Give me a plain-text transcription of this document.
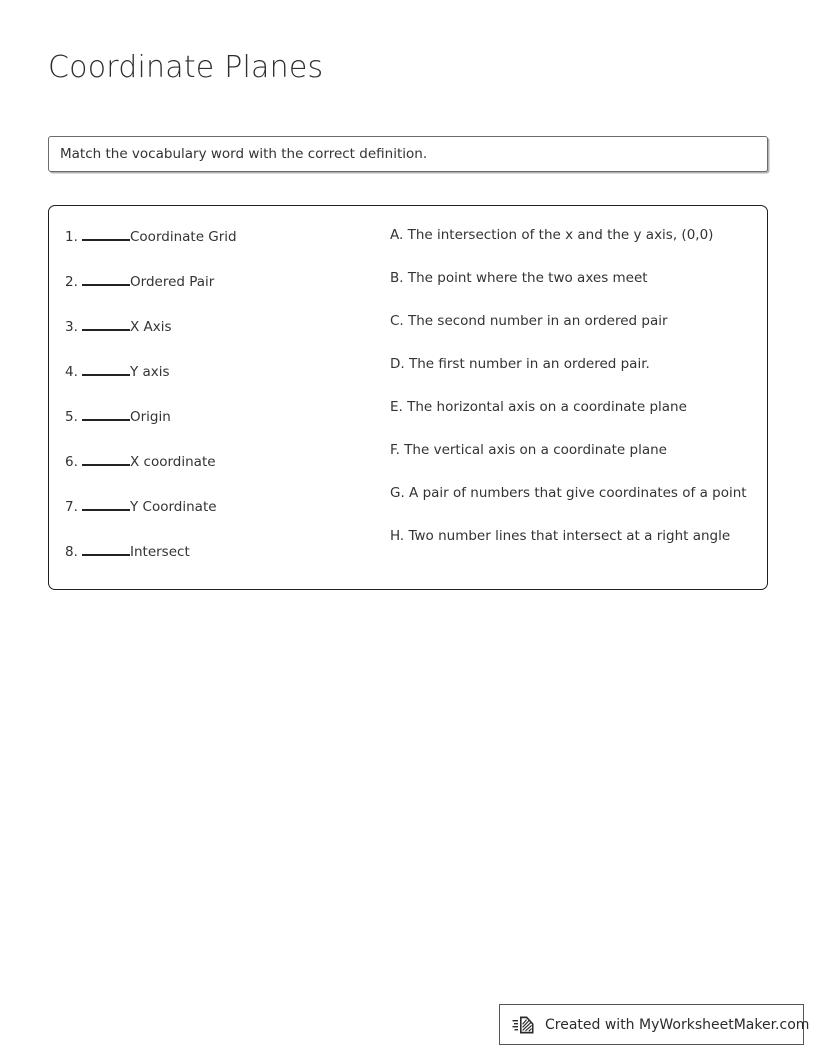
Coordinate Planes
Match the vocabulary word with the correct definition.
1.	Coordinate Grid
2.	Ordered Pair
3.	X Axis
4.	Y axis
5.	Origin
6.	X coordinate
7.	Y Coordinate
8.	Intersect
A. The intersection of the x and the y axis, (0,0)
B. The point where the two axes meet
C. The second number in an ordered pair
D. The first number in an ordered pair.
E. The horizontal axis on a coordinate plane
F. The vertical axis on a coordinate plane
G. A pair of numbers that give coordinates of a point
H. Two number lines that intersect at a right angle
Created with MyWorksheetMaker.com
